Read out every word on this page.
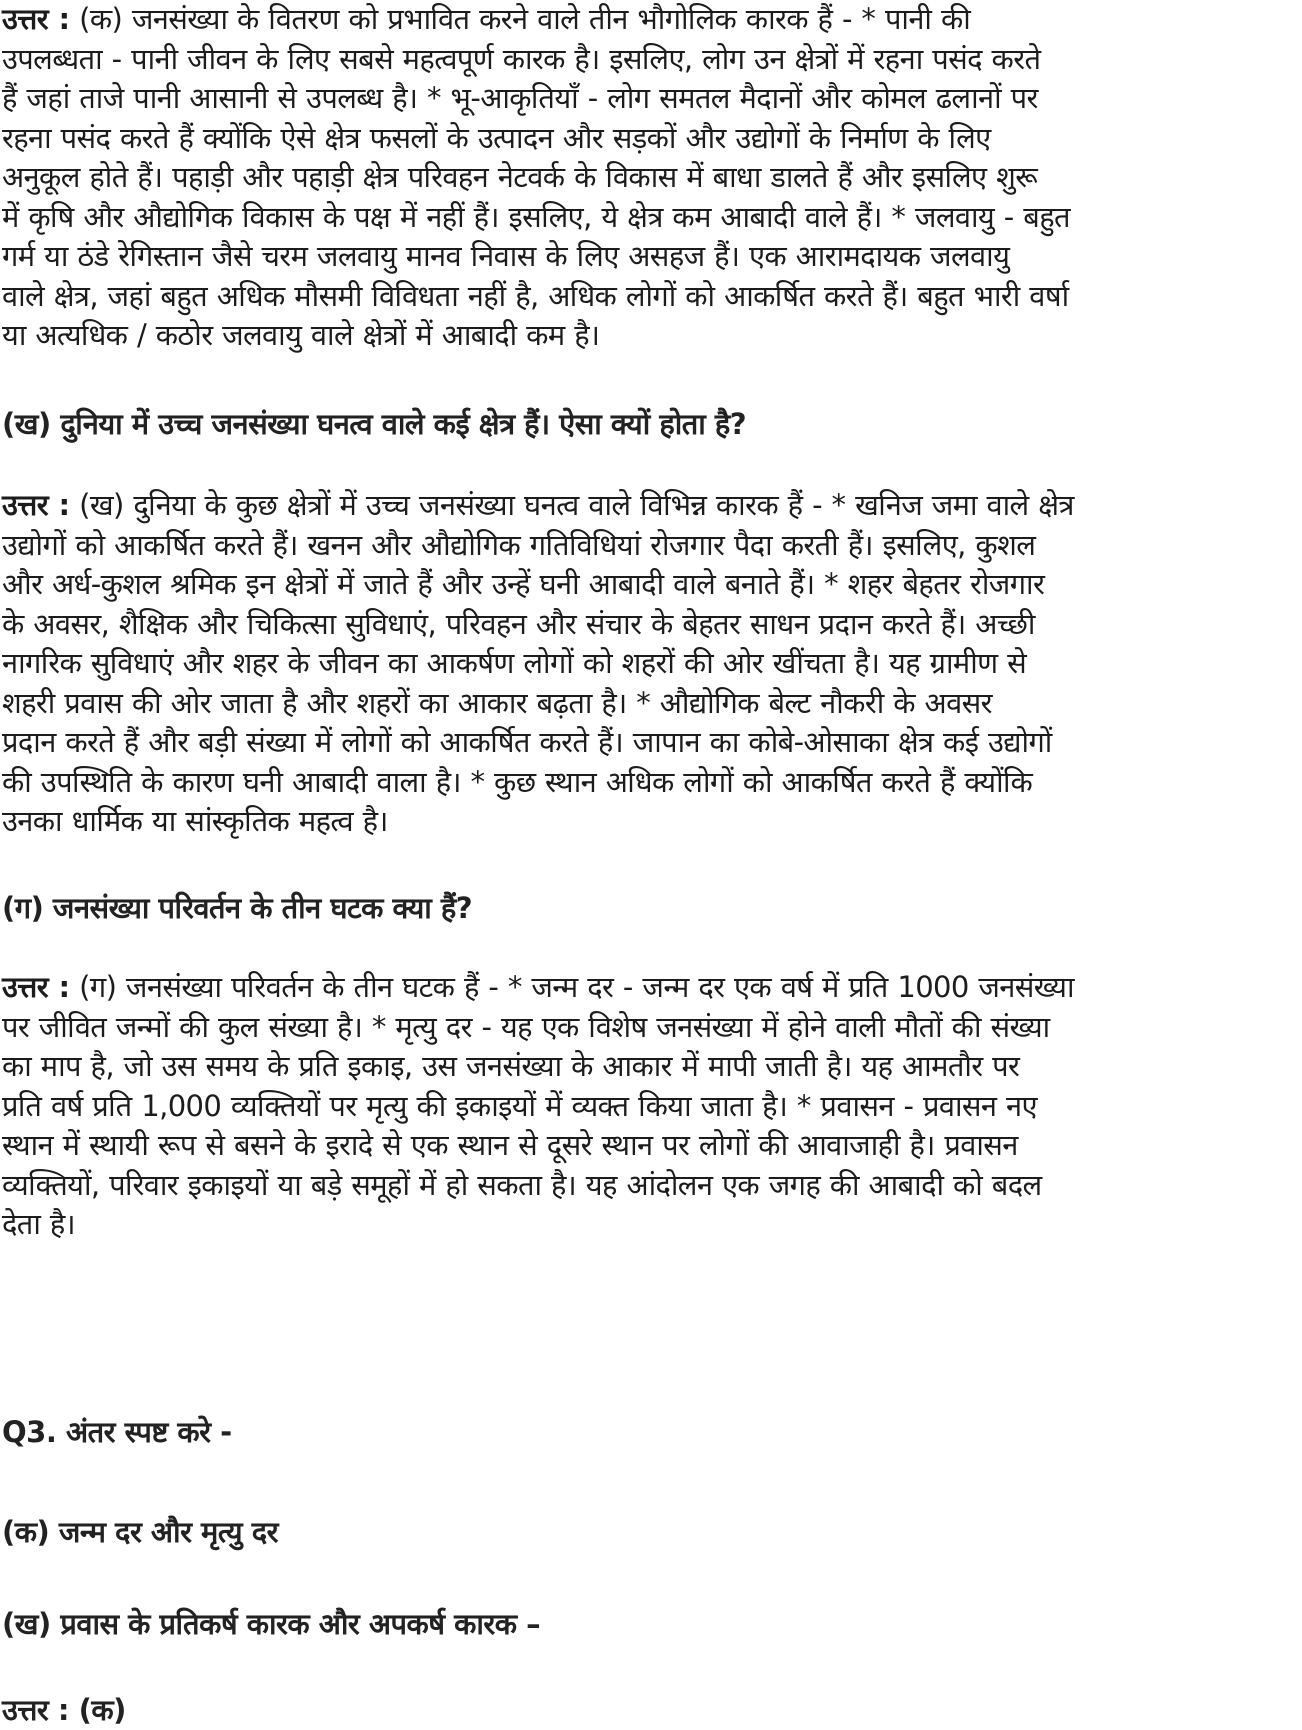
उत्तर : (क) जनसंख्या के वितरण को प्रभावित करने वाले तीन भौगोलिक कारक हैं - * पानी की
उपलब्धता - पानी जीवन के लिए सबसे महत्वपूर्ण कारक है। इसलिए, लोग उन क्षेत्रों में रहना पसंद करते
हैं जहां ताजे पानी आसानी से उपलब्ध है। * भू-आकृतियाँ - लोग समतल मैदानों और कोमल ढलानों पर
रहना पसंद करते हैं क्योंकि ऐसे क्षेत्र फसलों के उत्पादन और सड़कों और उद्योगों के निर्माण के लिए
अनुकूल होते हैं। पहाड़ी और पहाड़ी क्षेत्र परिवहन नेटवर्क के विकास में बाधा डालते हैं और इसलिए शुरू
में कृषि और औद्योगिक विकास के पक्ष में नहीं हैं। इसलिए, ये क्षेत्र कम आबादी वाले हैं। * जलवायु - बहुत
गर्म या ठंडे रेगिस्तान जैसे चरम जलवायु मानव निवास के लिए असहज हैं। एक आरामदायक जलवायु
वाले क्षेत्र, जहां बहुत अधिक मौसमी विविधता नहीं है, अधिक लोगों को आकर्षित करते हैं। बहुत भारी वर्षा
या अत्यधिक / कठोर जलवायु वाले क्षेत्रों में आबादी कम है।
(ख) दुनिया में उच्च जनसंख्या घनत्व वाले कई क्षेत्र हैं। ऐसा क्यों होता है?
उत्तर : (ख) दुनिया के कुछ क्षेत्रों में उच्च जनसंख्या घनत्व वाले विभिन्न कारक हैं - * खनिज जमा वाले क्षेत्र
उद्योगों को आकर्षित करते हैं। खनन और औद्योगिक गतिविधियां रोजगार पैदा करती हैं। इसलिए, कुशल
और अर्ध-कुशल श्रमिक इन क्षेत्रों में जाते हैं और उन्हें घनी आबादी वाले बनाते हैं। * शहर बेहतर रोजगार
के अवसर, शैक्षिक और चिकित्सा सुविधाएं, परिवहन और संचार के बेहतर साधन प्रदान करते हैं। अच्छी
नागरिक सुविधाएं और शहर के जीवन का आकर्षण लोगों को शहरों की ओर खींचता है। यह ग्रामीण से
शहरी प्रवास की ओर जाता है और शहरों का आकार बढ़ता है। * औद्योगिक बेल्ट नौकरी के अवसर
प्रदान करते हैं और बड़ी संख्या में लोगों को आकर्षित करते हैं। जापान का कोबे-ओसाका क्षेत्र कई उद्योगों
की उपस्थिति के कारण घनी आबादी वाला है। * कुछ स्थान अधिक लोगों को आकर्षित करते हैं क्योंकि
उनका धार्मिक या सांस्कृतिक महत्व है।
(ग) जनसंख्या परिवर्तन के तीन घटक क्या हैं?
उत्तर : (ग) जनसंख्या परिवर्तन के तीन घटक हैं - * जन्म दर - जन्म दर एक वर्ष में प्रति 1000 जनसंख्या
पर जीवित जन्मों की कुल संख्या है। * मृत्यु दर - यह एक विशेष जनसंख्या में होने वाली मौतों की संख्या
का माप है, जो उस समय के प्रति इकाइ, उस जनसंख्या के आकार में मापी जाती है। यह आमतौर पर
प्रति वर्ष प्रति 1,000 व्यक्तियों पर मृत्यु की इकाइयों में व्यक्त किया जाता है। * प्रवासन - प्रवासन नए
स्थान में स्थायी रूप से बसने के इरादे से एक स्थान से दूसरे स्थान पर लोगों की आवाजाही है। प्रवासन
व्यक्तियों, परिवार इकाइयों या बड़े समूहों में हो सकता है। यह आंदोलन एक जगह की आबादी को बदल
देता है।
Q3. अंतर स्पष्ट करे -
(क) जन्म दर और मृत्यु दर
(ख) प्रवास के प्रतिकर्ष कारक और अपकर्ष कारक –
उत्तर : (क)
